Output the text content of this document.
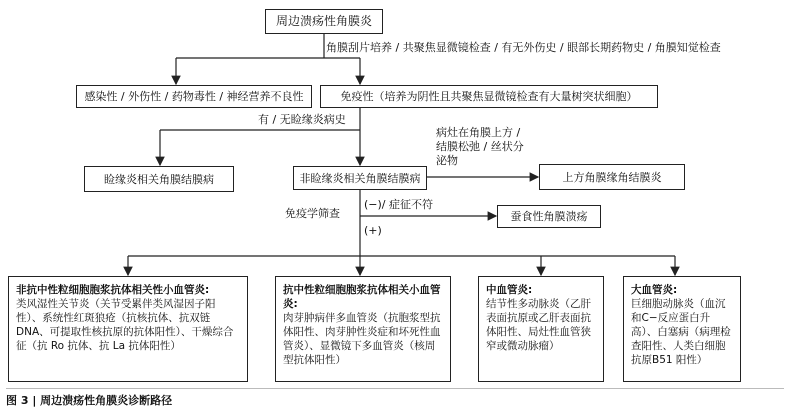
周边溃疡性角膜炎
角膜刮片培养 / 共聚焦显微镜检查 / 有无外伤史 / 眼部长期药物史 / 角膜知觉检查
感染性 / 外伤性 / 药物毒性 / 神经营养不良性	免疫性（培养为阴性且共聚焦显微镜检查有大量树突状细胞）
有 / 无睑缘炎病史
睑缘炎相关角膜结膜病	非睑缘炎相关角膜结膜病
病灶在角膜上方 /
结膜松弛 / 丝状分
泌物
上方角膜缘角结膜炎
免疫学筛查
(−)/ 症征不符
(+)
蚕食性角膜溃疡
非抗中性粒细胞胞浆抗体相关性小血管炎:
类风湿性关节炎（关节受累伴类风湿因子阳性）、系统性红斑狼疮（抗核抗体、抗双链DNA、可提取性核抗原的抗体阳性）、干燥综合征（抗 Ro 抗体、抗 La 抗体阳性）
抗中性粒细胞胞浆抗体相关小血管炎:
肉芽肿病伴多血管炎（抗胞浆型抗体阳性、肉芽肿性炎症和坏死性血管炎）、显微镜下多血管炎（核周型抗体阳性）
中血管炎:
结节性多动脉炎（乙肝表面抗原或乙肝表面抗体阳性、局灶性血管狭窄或微动脉瘤）
大血管炎:
巨细胞动脉炎（血沉和C−反应蛋白升高）、白塞病（病理检查阳性、人类白细胞抗原B51 阳性）
图 3 | 周边溃疡性角膜炎诊断路径
